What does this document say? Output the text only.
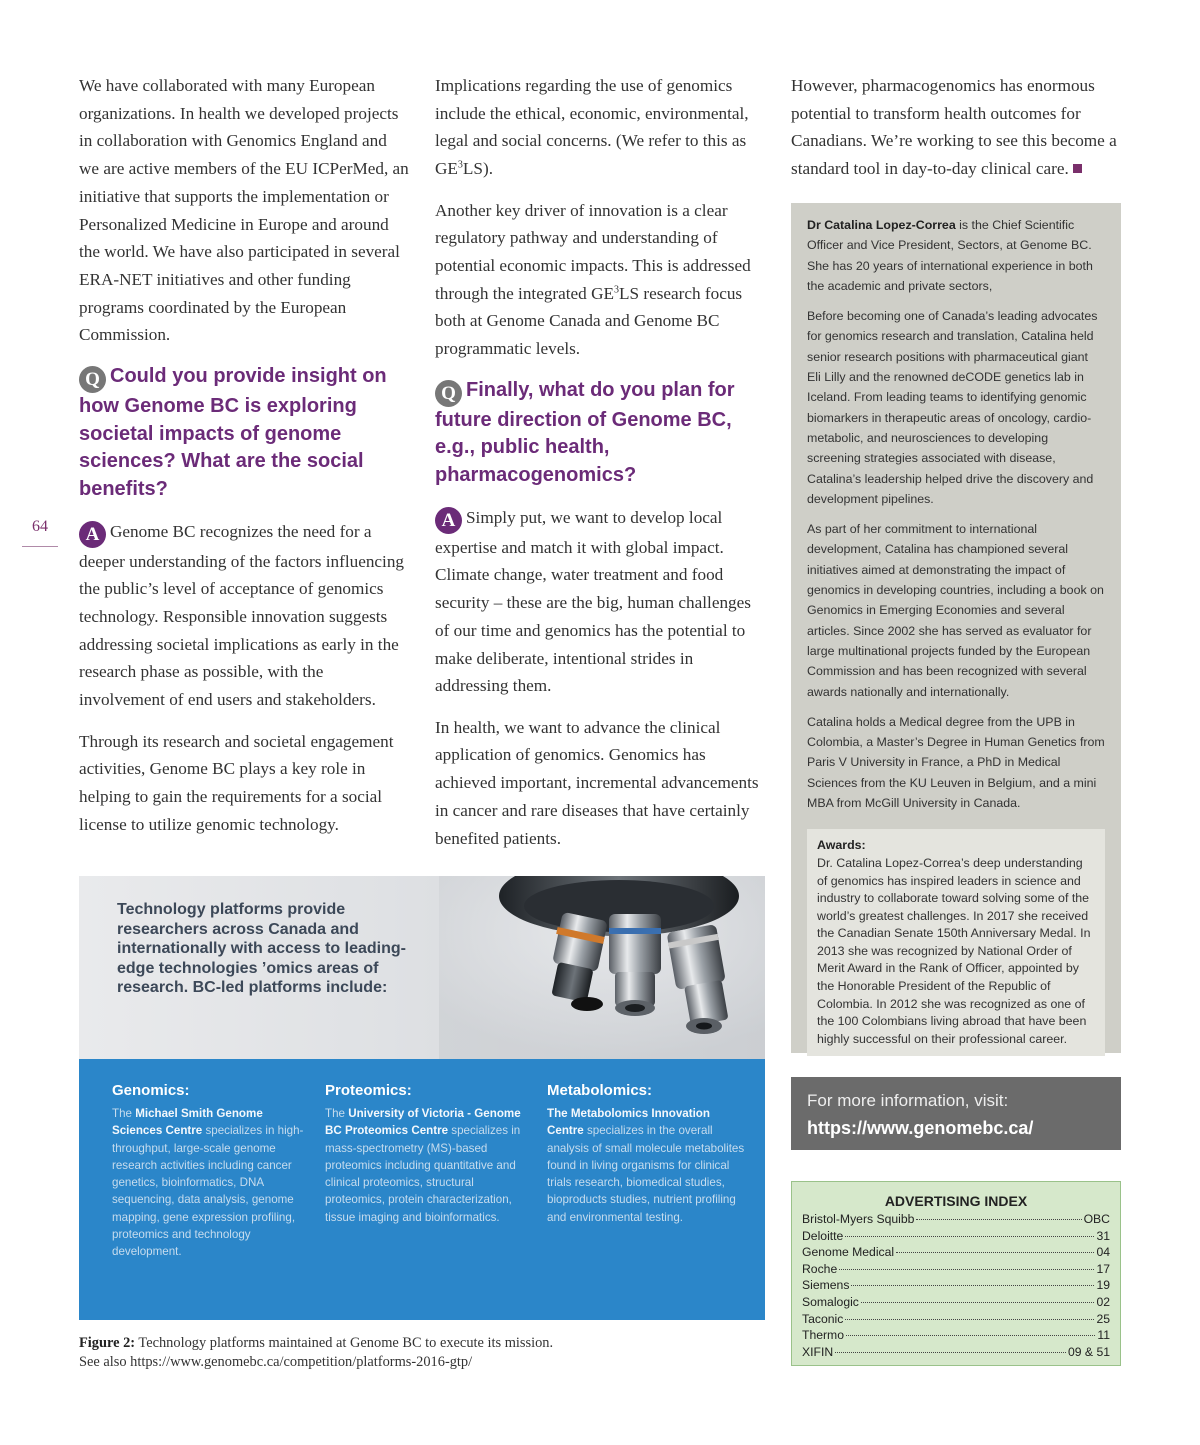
64

We have collaborated with many European organizations. In health we developed projects in collaboration with Genomics England and we are active members of the EU ICPerMed, an initiative that supports the implementation or Personalized Medicine in Europe and around the world. We have also participated in several ERA-NET initiatives and other funding programs coordinated by the European Commission.

Q Could you provide insight on how Genome BC is exploring societal impacts of genome sciences? What are the social benefits?

A Genome BC recognizes the need for a deeper understanding of the factors influencing the public’s level of acceptance of genomics technology. Responsible innovation suggests addressing societal implications as early in the research phase as possible, with the involvement of end users and stakeholders.

Through its research and societal engagement activities, Genome BC plays a key role in helping to gain the requirements for a social license to utilize genomic technology.

Implications regarding the use of genomics include the ethical, economic, environmental, legal and social concerns. (We refer to this as $GE^3LS$).

Another key driver of innovation is a clear regulatory pathway and understanding of potential economic impacts. This is addressed through the integrated $GE^3LS$ research focus both at Genome Canada and Genome BC programmatic levels.

Q Finally, what do you plan for future direction of Genome BC, e.g., public health, pharmacogenomics?

A Simply put, we want to develop local expertise and match it with global impact. Climate change, water treatment and food security – these are the big, human challenges of our time and genomics has the potential to make deliberate, intentional strides in addressing them.

In health, we want to advance the clinical application of genomics. Genomics has achieved important, incremental advancements in cancer and rare diseases that have certainly benefited patients.

However, pharmacogenomics has enormous potential to transform health outcomes for Canadians. We’re working to see this become a standard tool in day-to-day clinical care.

Dr Catalina Lopez-Correa is the Chief Scientific Officer and Vice President, Sectors, at Genome BC. She has 20 years of international experience in both the academic and private sectors,

Before becoming one of Canada’s leading advocates for genomics research and translation, Catalina held senior research positions with pharmaceutical giant Eli Lilly and the renowned deCODE genetics lab in Iceland. From leading teams to identifying genomic biomarkers in therapeutic areas of oncology, cardio-metabolic, and neurosciences to developing screening strategies associated with disease, Catalina’s leadership helped drive the discovery and development pipelines.

As part of her commitment to international development, Catalina has championed several initiatives aimed at demonstrating the impact of genomics in developing countries, including a book on Genomics in Emerging Economies and several articles. Since 2002 she has served as evaluator for large multinational projects funded by the European Commission and has been recognized with several awards nationally and internationally.

Catalina holds a Medical degree from the UPB in Colombia, a Master’s Degree in Human Genetics from Paris V University in France, a PhD in Medical Sciences from the KU Leuven in Belgium, and a mini MBA from McGill University in Canada.

Awards:
Dr. Catalina Lopez-Correa’s deep understanding of genomics has inspired leaders in science and industry to collaborate toward solving some of the world’s greatest challenges. In 2017 she received the Canadian Senate 150th Anniversary Medal. In 2013 she was recognized by National Order of Merit Award in the Rank of Officer, appointed by the Honorable President of the Republic of Colombia. In 2012 she was recognized as one of the 100 Colombians living abroad that have been highly successful on their professional career.
For more information, visit:
https://www.genomebc.ca/
ADVERTISING INDEX
Bristol-Myers Squibb	OBC
Deloitte	31
Genome Medical	04
Roche	17
Siemens	19
Somalogic	02
Taconic	25
Thermo	11
XIFIN	09 & 51
Technology platforms provide researchers across Canada and internationally with access to leading-edge technologies ’omics areas of research. BC-led platforms include:
Genomics:
The Michael Smith Genome Sciences Centre specializes in high-throughput, large-scale genome research activities including cancer genetics, bioinformatics, DNA sequencing, data analysis, genome mapping, gene expression profiling, proteomics and technology development.
Proteomics:
The University of Victoria - Genome BC Proteomics Centre specializes in mass-spectrometry (MS)-based proteomics including quantitative and clinical proteomics, structural proteomics, protein characterization, tissue imaging and bioinformatics.
Metabolomics:
The Metabolomics Innovation Centre specializes in the overall analysis of small molecule metabolites found in living organisms for clinical trials research, biomedical studies, bioproducts studies, nutrient profiling and environmental testing.
Figure 2: Technology platforms maintained at Genome BC to execute its mission.
See also https://www.genomebc.ca/competition/platforms-2016-gtp/
